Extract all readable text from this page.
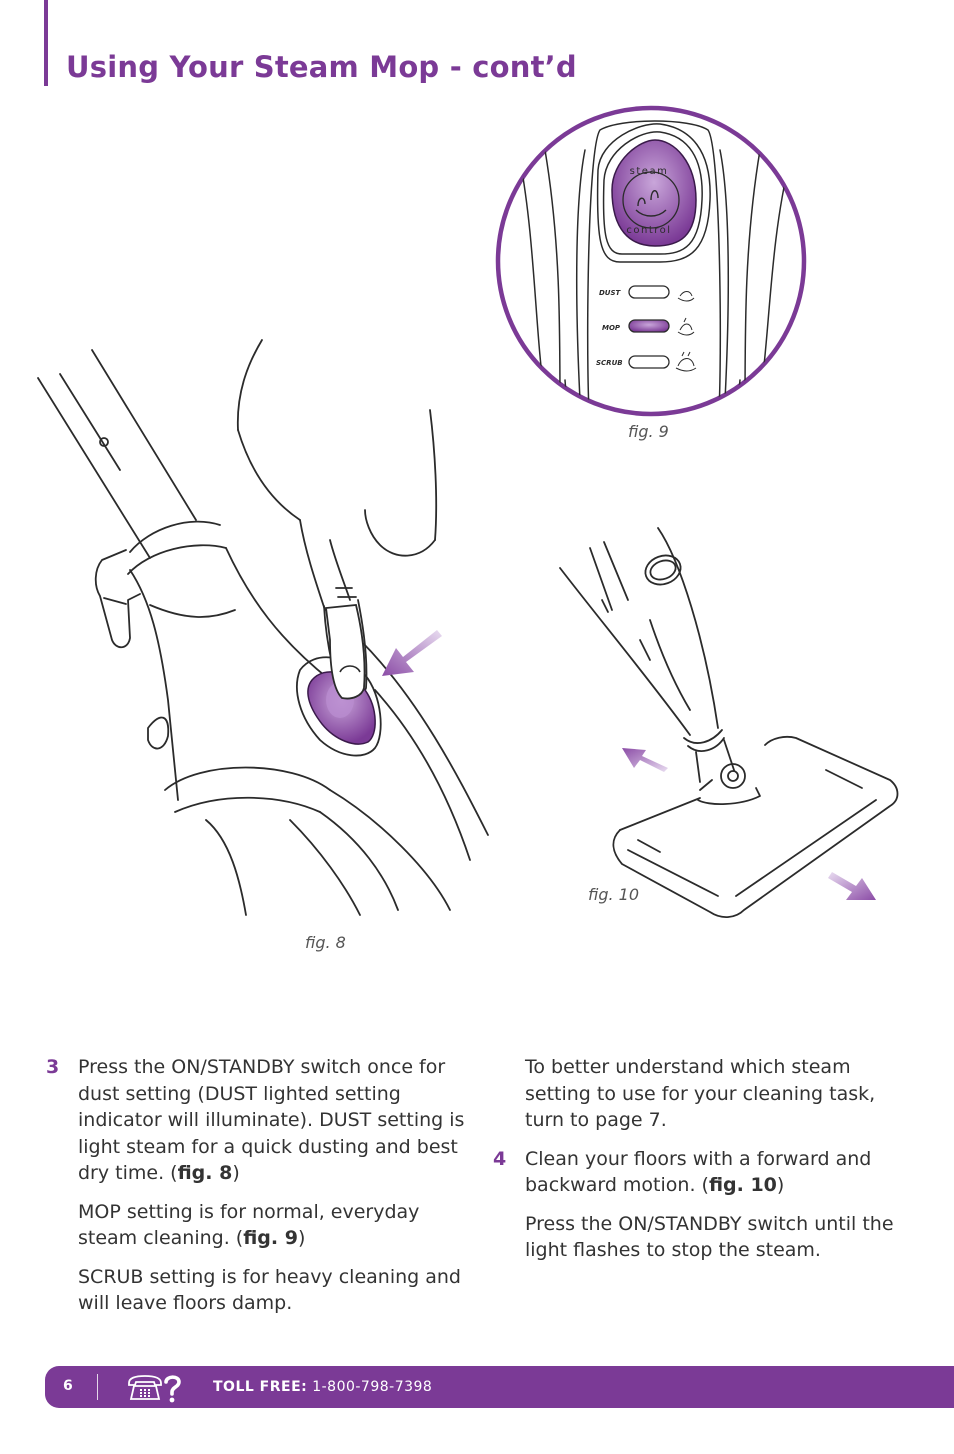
Using Your Steam Mop - cont’d
steam
control
DUST
MOP
SCRUB
fig. 9
fig. 10
fig. 8

3 Press the ON/STANDBY switch once for dust setting (DUST lighted setting indicator will illuminate). DUST setting is light steam for a quick dusting and best dry time. (fig. 8)

MOP setting is for normal, everyday steam cleaning. (fig. 9)

SCRUB setting is for heavy cleaning and will leave floors damp.

To better understand which steam setting to use for your cleaning task, turn to page 7.

4 Clean your floors with a forward and backward motion. (fig. 10)

Press the ON/STANDBY switch until the light flashes to stop the steam.

6	TOLL FREE: 1-800-798-7398
